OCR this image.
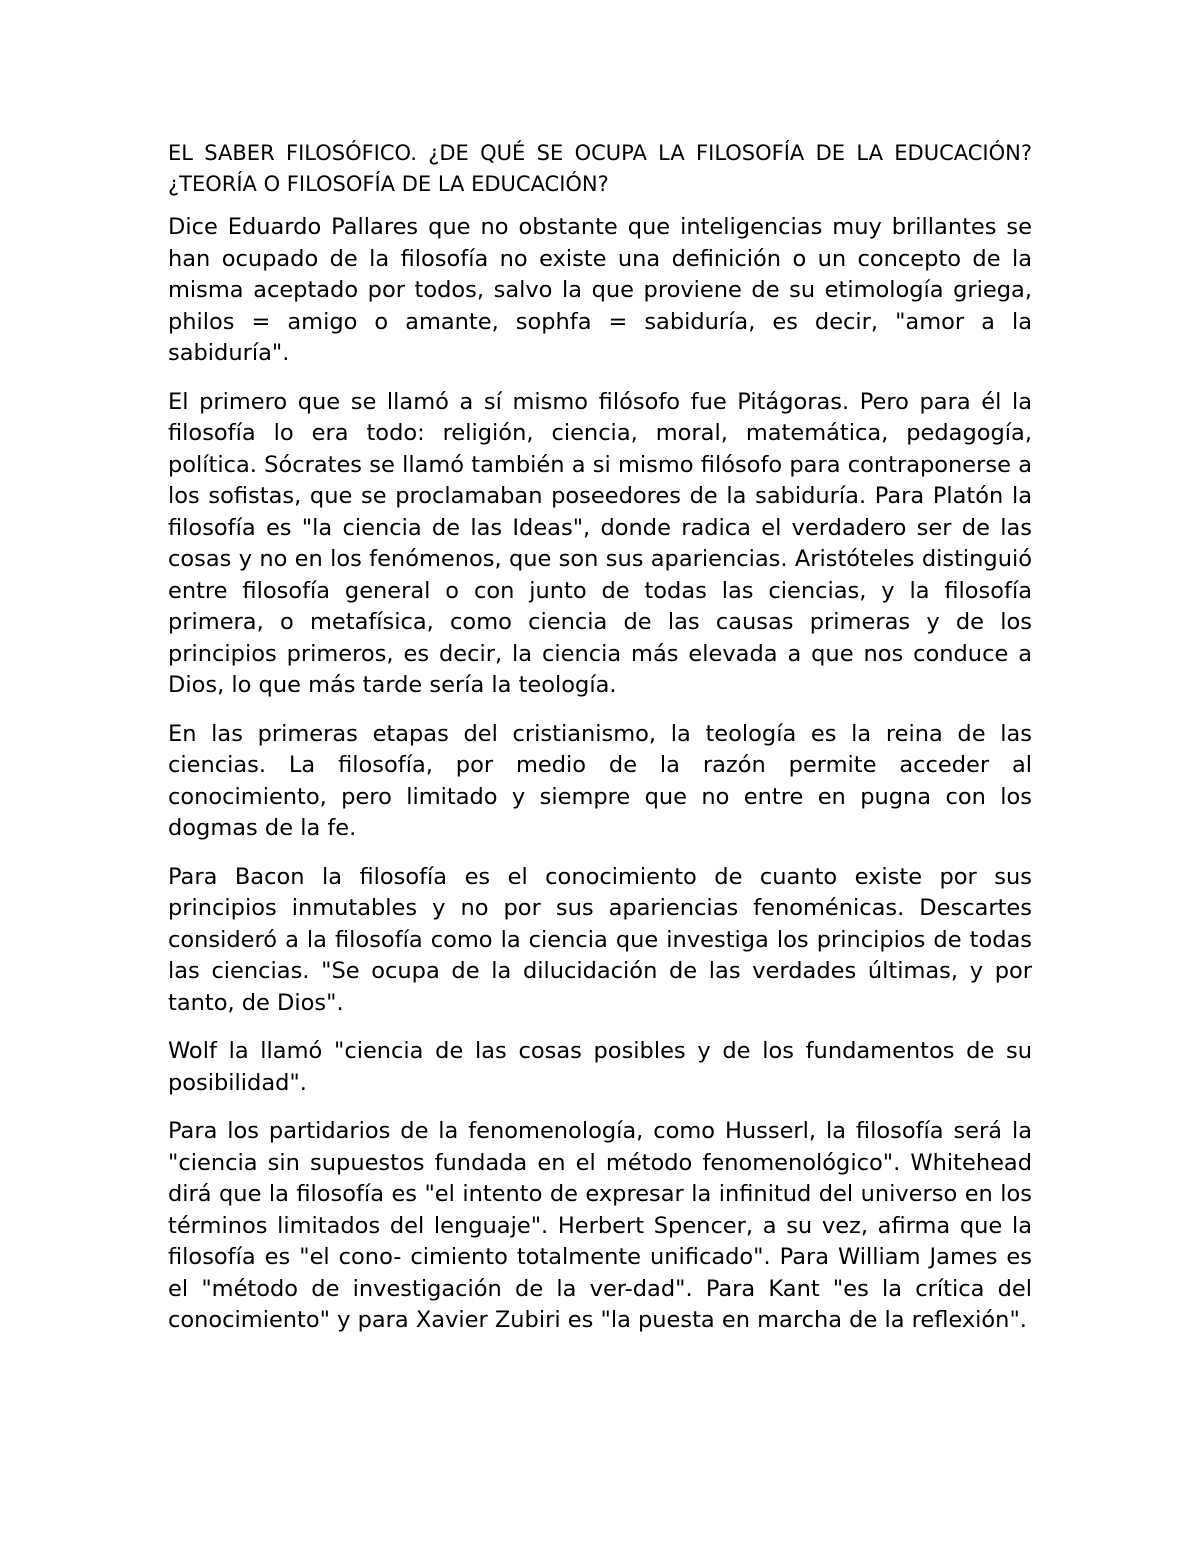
EL SABER FILOSÓFICO. ¿DE QUÉ SE OCUPA LA FILOSOFÍA DE LA EDUCACIÓN? ¿TEORÍA O FILOSOFÍA DE LA EDUCACIÓN?

Dice Eduardo Pallares que no obstante que inteligencias muy brillantes se han ocupado de la filosofía no existe una definición o un concepto de la misma aceptado por todos, salvo la que proviene de su etimología griega, philos = amigo o amante, sophfa = sabiduría, es decir, "amor a la sabiduría".

El primero que se llamó a sí mismo filósofo fue Pitágoras. Pero para él la filosofía lo era todo: religión, ciencia, moral, matemática, pedagogía, política. Sócrates se llamó también a si mismo filósofo para contraponerse a los sofistas, que se proclamaban poseedores de la sabiduría. Para Platón la filosofía es "la ciencia de las Ideas", donde radica el verdadero ser de las cosas y no en los fenómenos, que son sus apariencias. Aristóteles distinguió entre filosofía general o con junto de todas las ciencias, y la filosofía primera, o metafísica, como ciencia de las causas primeras y de los principios primeros, es decir, la ciencia más elevada a que nos conduce a Dios, lo que más tarde sería la teología.

En las primeras etapas del cristianismo, la teología es la reina de las ciencias. La filosofía, por medio de la razón permite acceder al conocimiento, pero limitado y siempre que no entre en pugna con los dogmas de la fe.

Para Bacon la filosofía es el conocimiento de cuanto existe por sus principios inmutables y no por sus apariencias fenoménicas. Descartes consideró a la filosofía como la ciencia que investiga los principios de todas las ciencias. "Se ocupa de la dilucidación de las verdades últimas, y por tanto, de Dios".

Wolf la llamó "ciencia de las cosas posibles y de los fundamentos de su posibilidad".

Para los partidarios de la fenomenología, como Husserl, la filosofía será la "ciencia sin supuestos fundada en el método fenomenológico". Whitehead dirá que la filosofía es "el intento de expresar la infinitud del universo en los términos limitados del lenguaje". Herbert Spencer, a su vez, afirma que la filosofía es "el cono- cimiento totalmente unificado". Para William James es el "método de investigación de la ver-dad". Para Kant "es la crítica del conocimiento" y para Xavier Zubiri es "la puesta en marcha de la reflexión".
